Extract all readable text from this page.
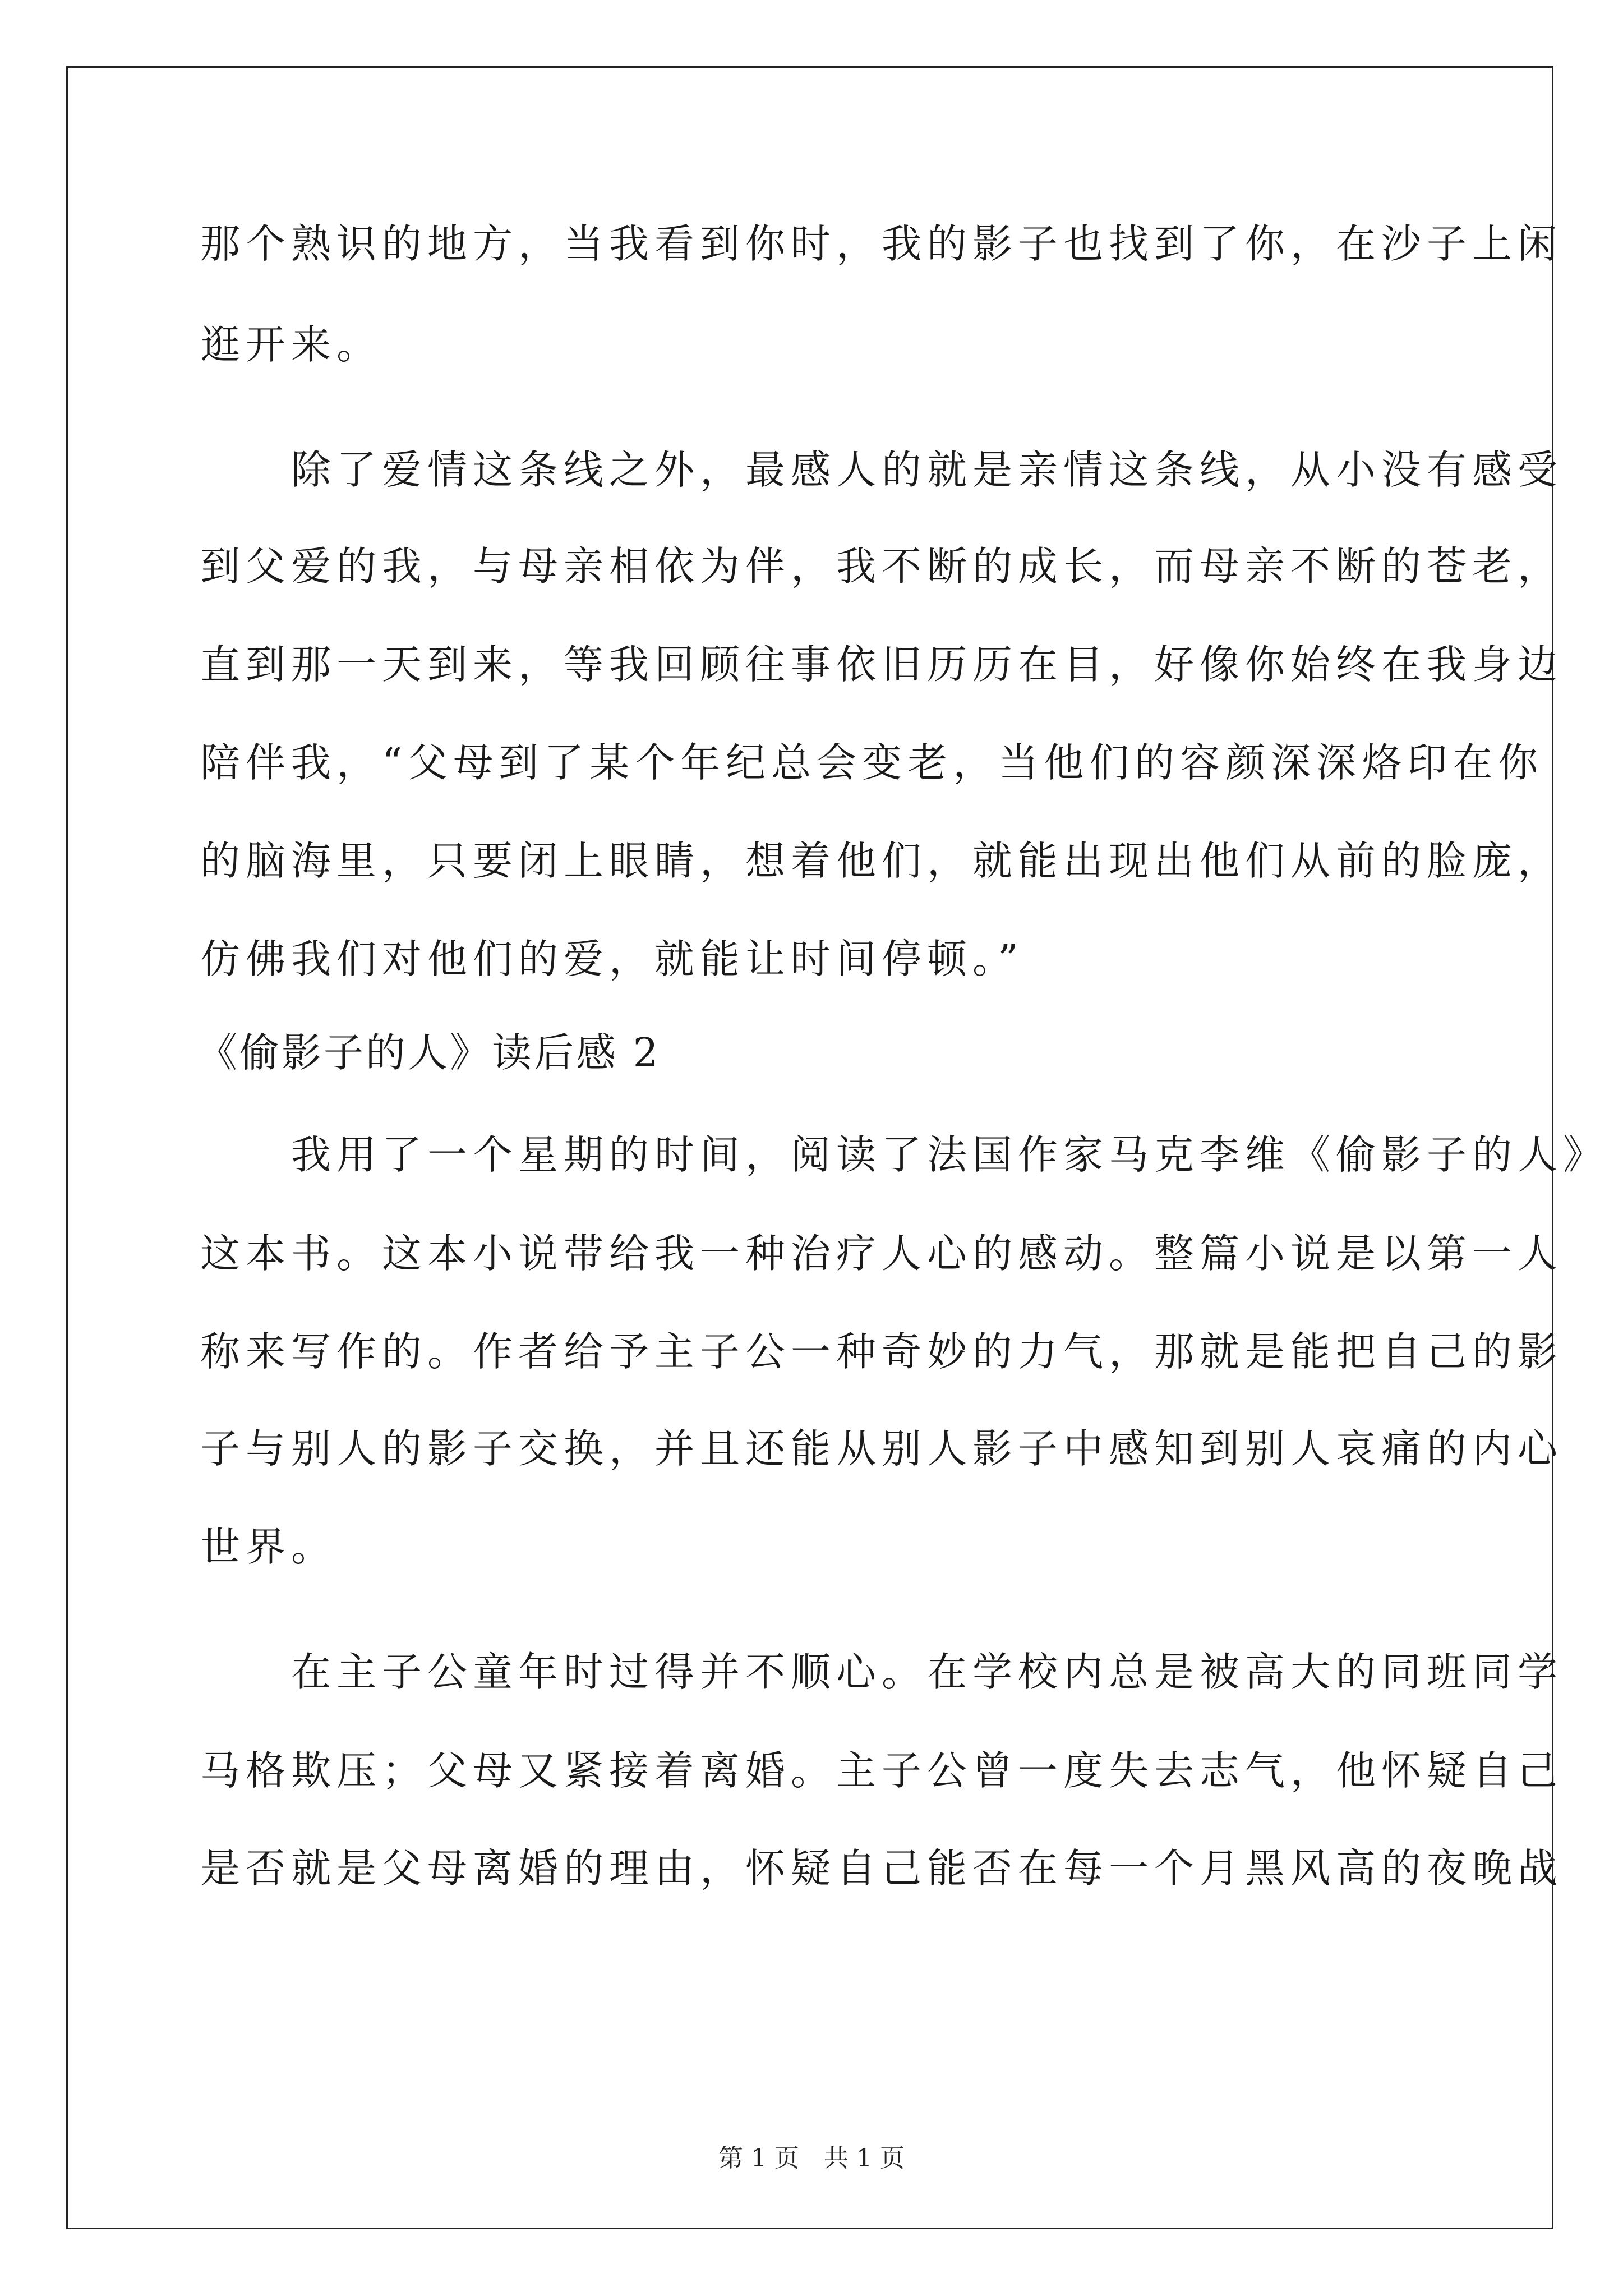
那个熟识的地方，当我看到你时，我的影子也找到了你，在沙子上闲
逛开来。
　　除了爱情这条线之外，最感人的就是亲情这条线，从小没有感受
到父爱的我，与母亲相依为伴，我不断的成长，而母亲不断的苍老，
直到那一天到来，等我回顾往事依旧历历在目，好像你始终在我身边
陪伴我，“父母到了某个年纪总会变老，当他们的容颜深深烙印在你
的脑海里，只要闭上眼睛，想着他们，就能出现出他们从前的脸庞，
仿佛我们对他们的爱，就能让时间停顿。”
《偷影子的人》读后感 2
　　我用了一个星期的时间，阅读了法国作家马克李维《偷影子的人》
这本书。这本小说带给我一种治疗人心的感动。整篇小说是以第一人
称来写作的。作者给予主子公一种奇妙的力气，那就是能把自己的影
子与别人的影子交换，并且还能从别人影子中感知到别人哀痛的内心
世界。
　　在主子公童年时过得并不顺心。在学校内总是被高大的同班同学
马格欺压；父母又紧接着离婚。主子公曾一度失去志气，他怀疑自己
是否就是父母离婚的理由，怀疑自己能否在每一个月黑风高的夜晚战
第 1 页　共 1 页
